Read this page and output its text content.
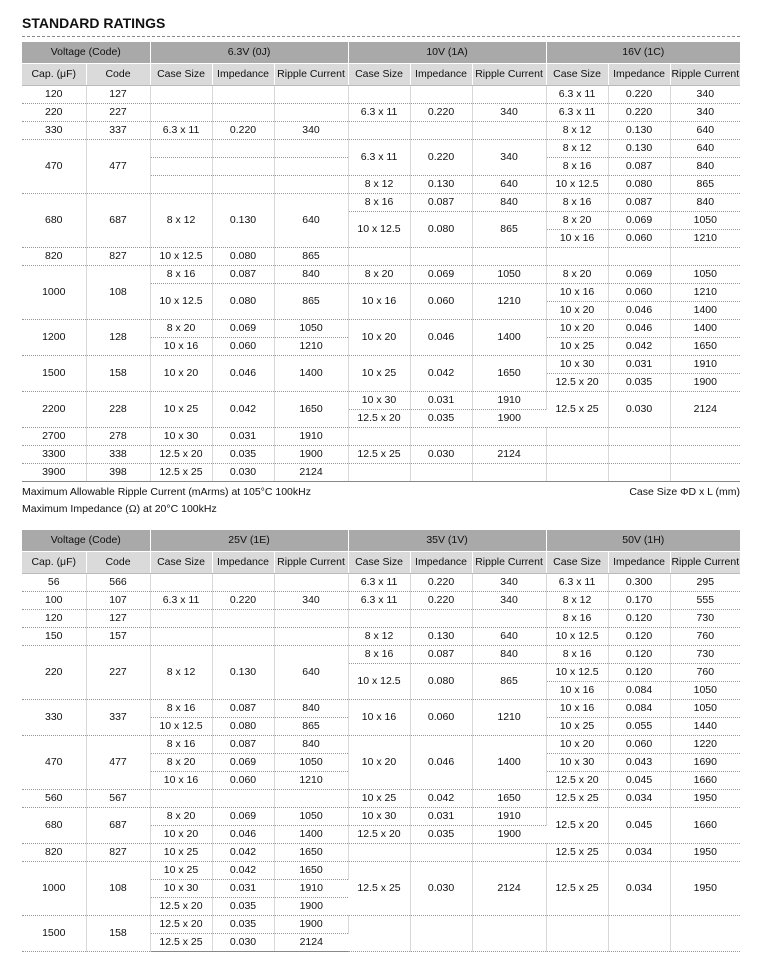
STANDARD RATINGS
Voltage (Code)		6.3V (0J)			10V (1A)			16V (1C)		
Cap. (μF)	Code	Case Size	Impedance	Ripple Current	Case Size	Impedance	Ripple Current	Case Size	Impedance	Ripple Current
120	127							6.3 x 11	0.220	340
220	227				6.3 x 11	0.220	340	6.3 x 11	0.220	340
330	337	6.3 x 11	0.220	340				8 x 12	0.130	640
470	477				6.3 x 11	0.220	340	8 x 12	0.130	640
								8 x 16	0.087	840
					8 x 12	0.130	640	10 x 12.5	0.080	865
680	687	8 x 12	0.130	640	8 x 16	0.087	840	8 x 16	0.087	840
					10 x 12.5	0.080	865	8 x 20	0.069	1050
								10 x 16	0.060	1210
820	827	10 x 12.5	0.080	865						
1000	108	8 x 16	0.087	840	8 x 20	0.069	1050	8 x 20	0.069	1050
		10 x 12.5	0.080	865	10 x 16	0.060	1210	10 x 16	0.060	1210
								10 x 20	0.046	1400
1200	128	8 x 20	0.069	1050	10 x 20	0.046	1400	10 x 20	0.046	1400
		10 x 16	0.060	1210				10 x 25	0.042	1650
1500	158	10 x 20	0.046	1400	10 x 25	0.042	1650	10 x 30	0.031	1910
								12.5 x 20	0.035	1900
2200	228	10 x 25	0.042	1650	10 x 30	0.031	1910	12.5 x 25	0.030	2124
					12.5 x 20	0.035	1900			
2700	278	10 x 30	0.031	1910						
3300	338	12.5 x 20	0.035	1900	12.5 x 25	0.030	2124			
3900	398	12.5 x 25	0.030	2124						
Maximum Allowable Ripple Current (mArms) at 105°C 100kHz	Case Size ΦD x L (mm)
Maximum Impedance (Ω) at 20°C 100kHz
Voltage (Code)		25V (1E)			35V (1V)			50V (1H)		
Cap. (μF)	Code	Case Size	Impedance	Ripple Current	Case Size	Impedance	Ripple Current	Case Size	Impedance	Ripple Current
56	566				6.3 x 11	0.220	340	6.3 x 11	0.300	295
100	107	6.3 x 11	0.220	340	6.3 x 11	0.220	340	8 x 12	0.170	555
120	127							8 x 16	0.120	730
150	157				8 x 12	0.130	640	10 x 12.5	0.120	760
220	227	8 x 12	0.130	640	8 x 16	0.087	840	8 x 16	0.120	730
					10 x 12.5	0.080	865	10 x 12.5	0.120	760
								10 x 16	0.084	1050
330	337	8 x 16	0.087	840	10 x 16	0.060	1210	10 x 16	0.084	1050
		10 x 12.5	0.080	865				10 x 25	0.055	1440
470	477	8 x 16	0.087	840	10 x 20	0.046	1400	10 x 20	0.060	1220
		8 x 20	0.069	1050				10 x 30	0.043	1690
		10 x 16	0.060	1210				12.5 x 20	0.045	1660
560	567				10 x 25	0.042	1650	12.5 x 25	0.034	1950
680	687	8 x 20	0.069	1050	10 x 30	0.031	1910	12.5 x 20	0.045	1660
		10 x 20	0.046	1400	12.5 x 20	0.035	1900			
820	827	10 x 25	0.042	1650				12.5 x 25	0.034	1950
1000	108	10 x 25	0.042	1650	12.5 x 25	0.030	2124	12.5 x 25	0.034	1950
		10 x 30	0.031	1910						
		12.5 x 20	0.035	1900						
1500	158	12.5 x 20	0.035	1900						
		12.5 x 25	0.030	2124						
